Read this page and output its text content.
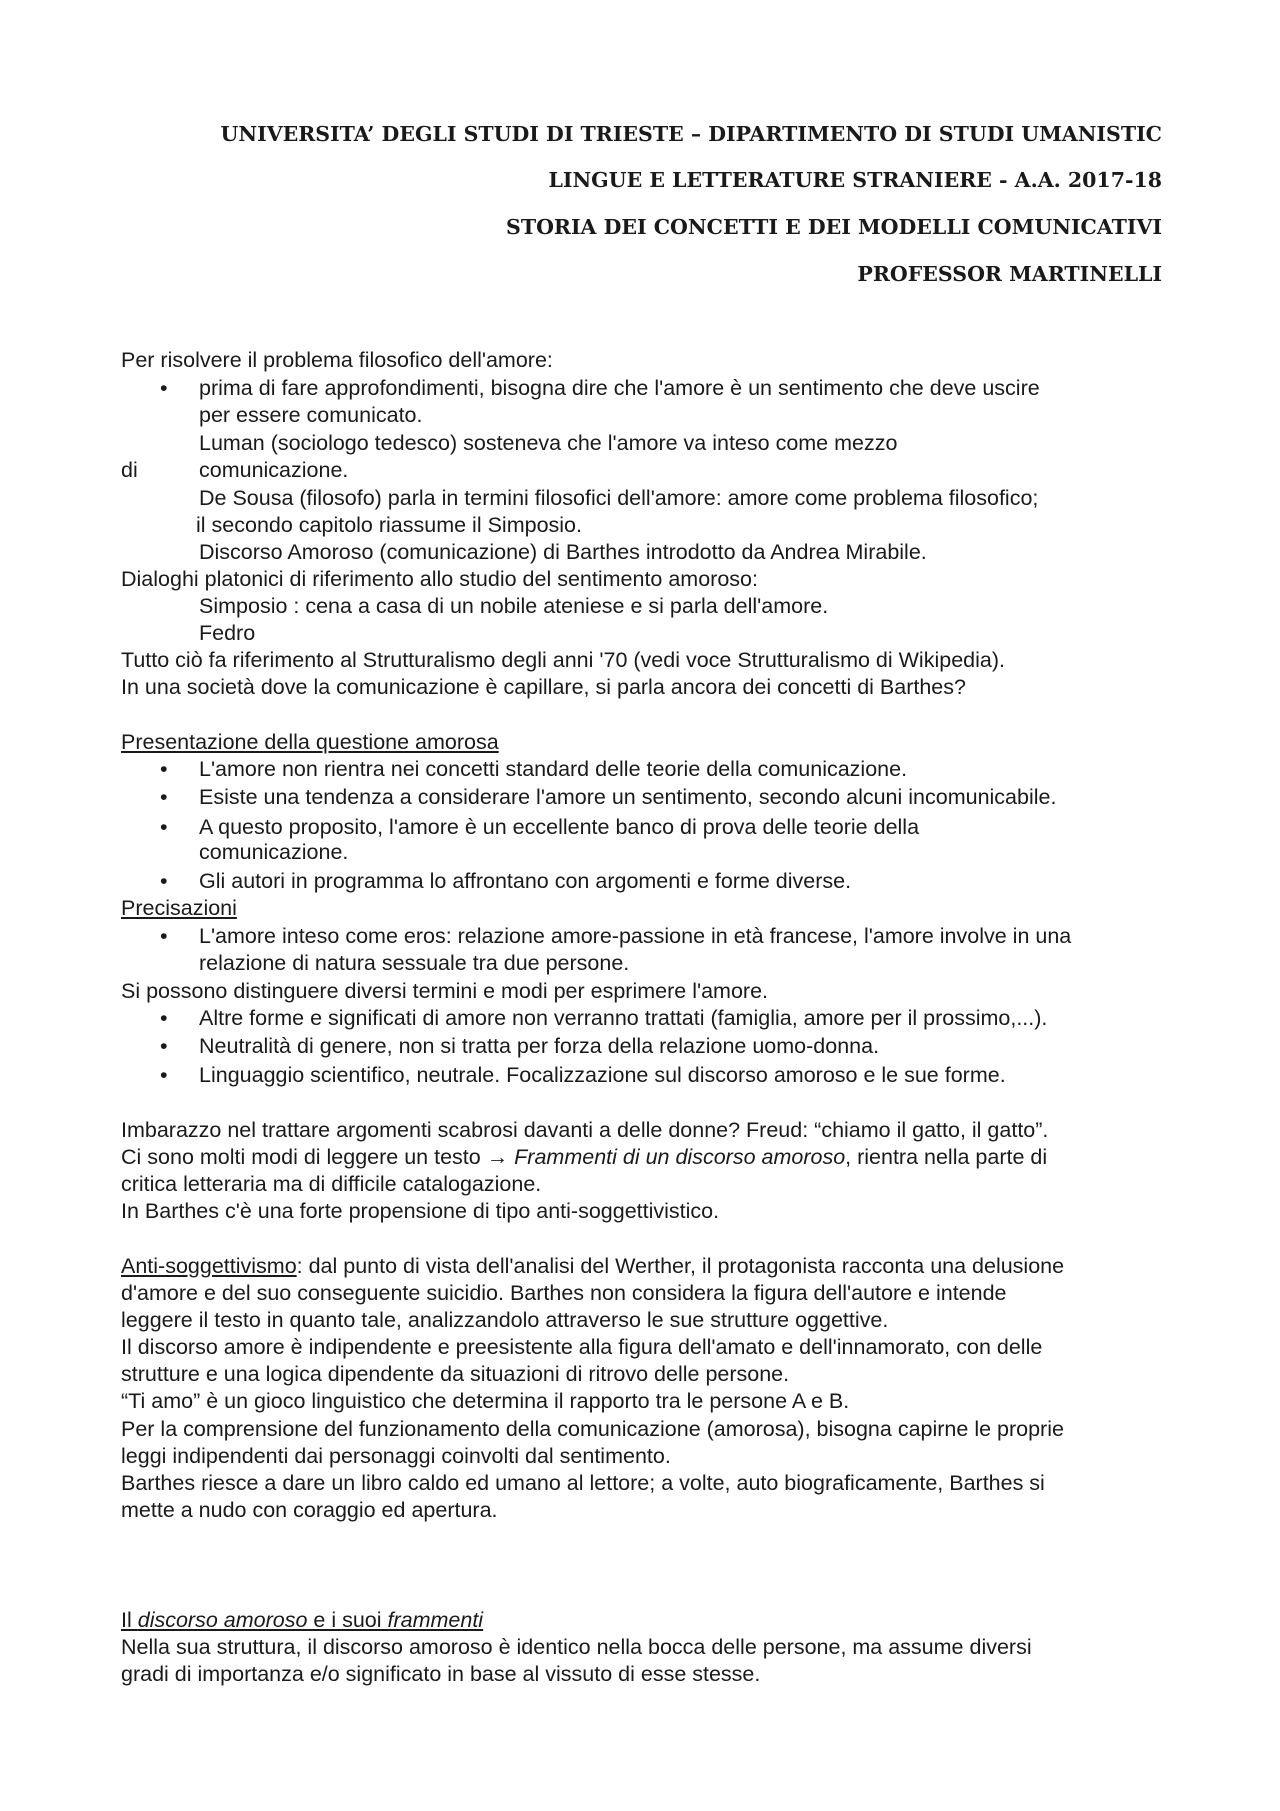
UNIVERSITA’ DEGLI STUDI DI TRIESTE – DIPARTIMENTO DI STUDI UMANISTIC
LINGUE E LETTERATURE STRANIERE - A.A. 2017-18
STORIA DEI CONCETTI E DEI MODELLI COMUNICATIVI
PROFESSOR MARTINELLI
Per risolvere il problema filosofico dell'amore:
• prima di fare approfondimenti, bisogna dire che l'amore è un sentimento che deve uscire
per essere comunicato.
Luman (sociologo tedesco) sosteneva che l'amore va inteso come mezzo
di	comunicazione.
De Sousa (filosofo) parla in termini filosofici dell'amore: amore come problema filosofico;
il secondo capitolo riassume il Simposio.
Discorso Amoroso (comunicazione) di Barthes introdotto da Andrea Mirabile.
Dialoghi platonici di riferimento allo studio del sentimento amoroso:
Simposio : cena a casa di un nobile ateniese e si parla dell'amore.
Fedro
Tutto ciò fa riferimento al Strutturalismo degli anni '70 (vedi voce Strutturalismo di Wikipedia).
In una società dove la comunicazione è capillare, si parla ancora dei concetti di Barthes?
Presentazione della questione amorosa
• L'amore non rientra nei concetti standard delle teorie della comunicazione.
• Esiste una tendenza a considerare l'amore un sentimento, secondo alcuni incomunicabile.
• A questo proposito, l'amore è un eccellente banco di prova delle teorie della
comunicazione.
• Gli autori in programma lo affrontano con argomenti e forme diverse.
Precisazioni
• L'amore inteso come eros: relazione amore-passione in età francese, l'amore involve in una
relazione di natura sessuale tra due persone.
Si possono distinguere diversi termini e modi per esprimere l'amore.
• Altre forme e significati di amore non verranno trattati (famiglia, amore per il prossimo,...).
• Neutralità di genere, non si tratta per forza della relazione uomo-donna.
• Linguaggio scientifico, neutrale. Focalizzazione sul discorso amoroso e le sue forme.
Imbarazzo nel trattare argomenti scabrosi davanti a delle donne? Freud: “chiamo il gatto, il gatto”.
Ci sono molti modi di leggere un testo → Frammenti di un discorso amoroso, rientra nella parte di
critica letteraria ma di difficile catalogazione.
In Barthes c'è una forte propensione di tipo anti-soggettivistico.
Anti-soggettivismo: dal punto di vista dell'analisi del Werther, il protagonista racconta una delusione
d'amore e del suo conseguente suicidio. Barthes non considera la figura dell'autore e intende
leggere il testo in quanto tale, analizzandolo attraverso le sue strutture oggettive.
Il discorso amore è indipendente e preesistente alla figura dell'amato e dell'innamorato, con delle
strutture e una logica dipendente da situazioni di ritrovo delle persone.
“Ti amo” è un gioco linguistico che determina il rapporto tra le persone A e B.
Per la comprensione del funzionamento della comunicazione (amorosa), bisogna capirne le proprie
leggi indipendenti dai personaggi coinvolti dal sentimento.
Barthes riesce a dare un libro caldo ed umano al lettore; a volte, auto biograficamente, Barthes si
mette a nudo con coraggio ed apertura.
Il discorso amoroso e i suoi frammenti
Nella sua struttura, il discorso amoroso è identico nella bocca delle persone, ma assume diversi
gradi di importanza e/o significato in base al vissuto di esse stesse.
